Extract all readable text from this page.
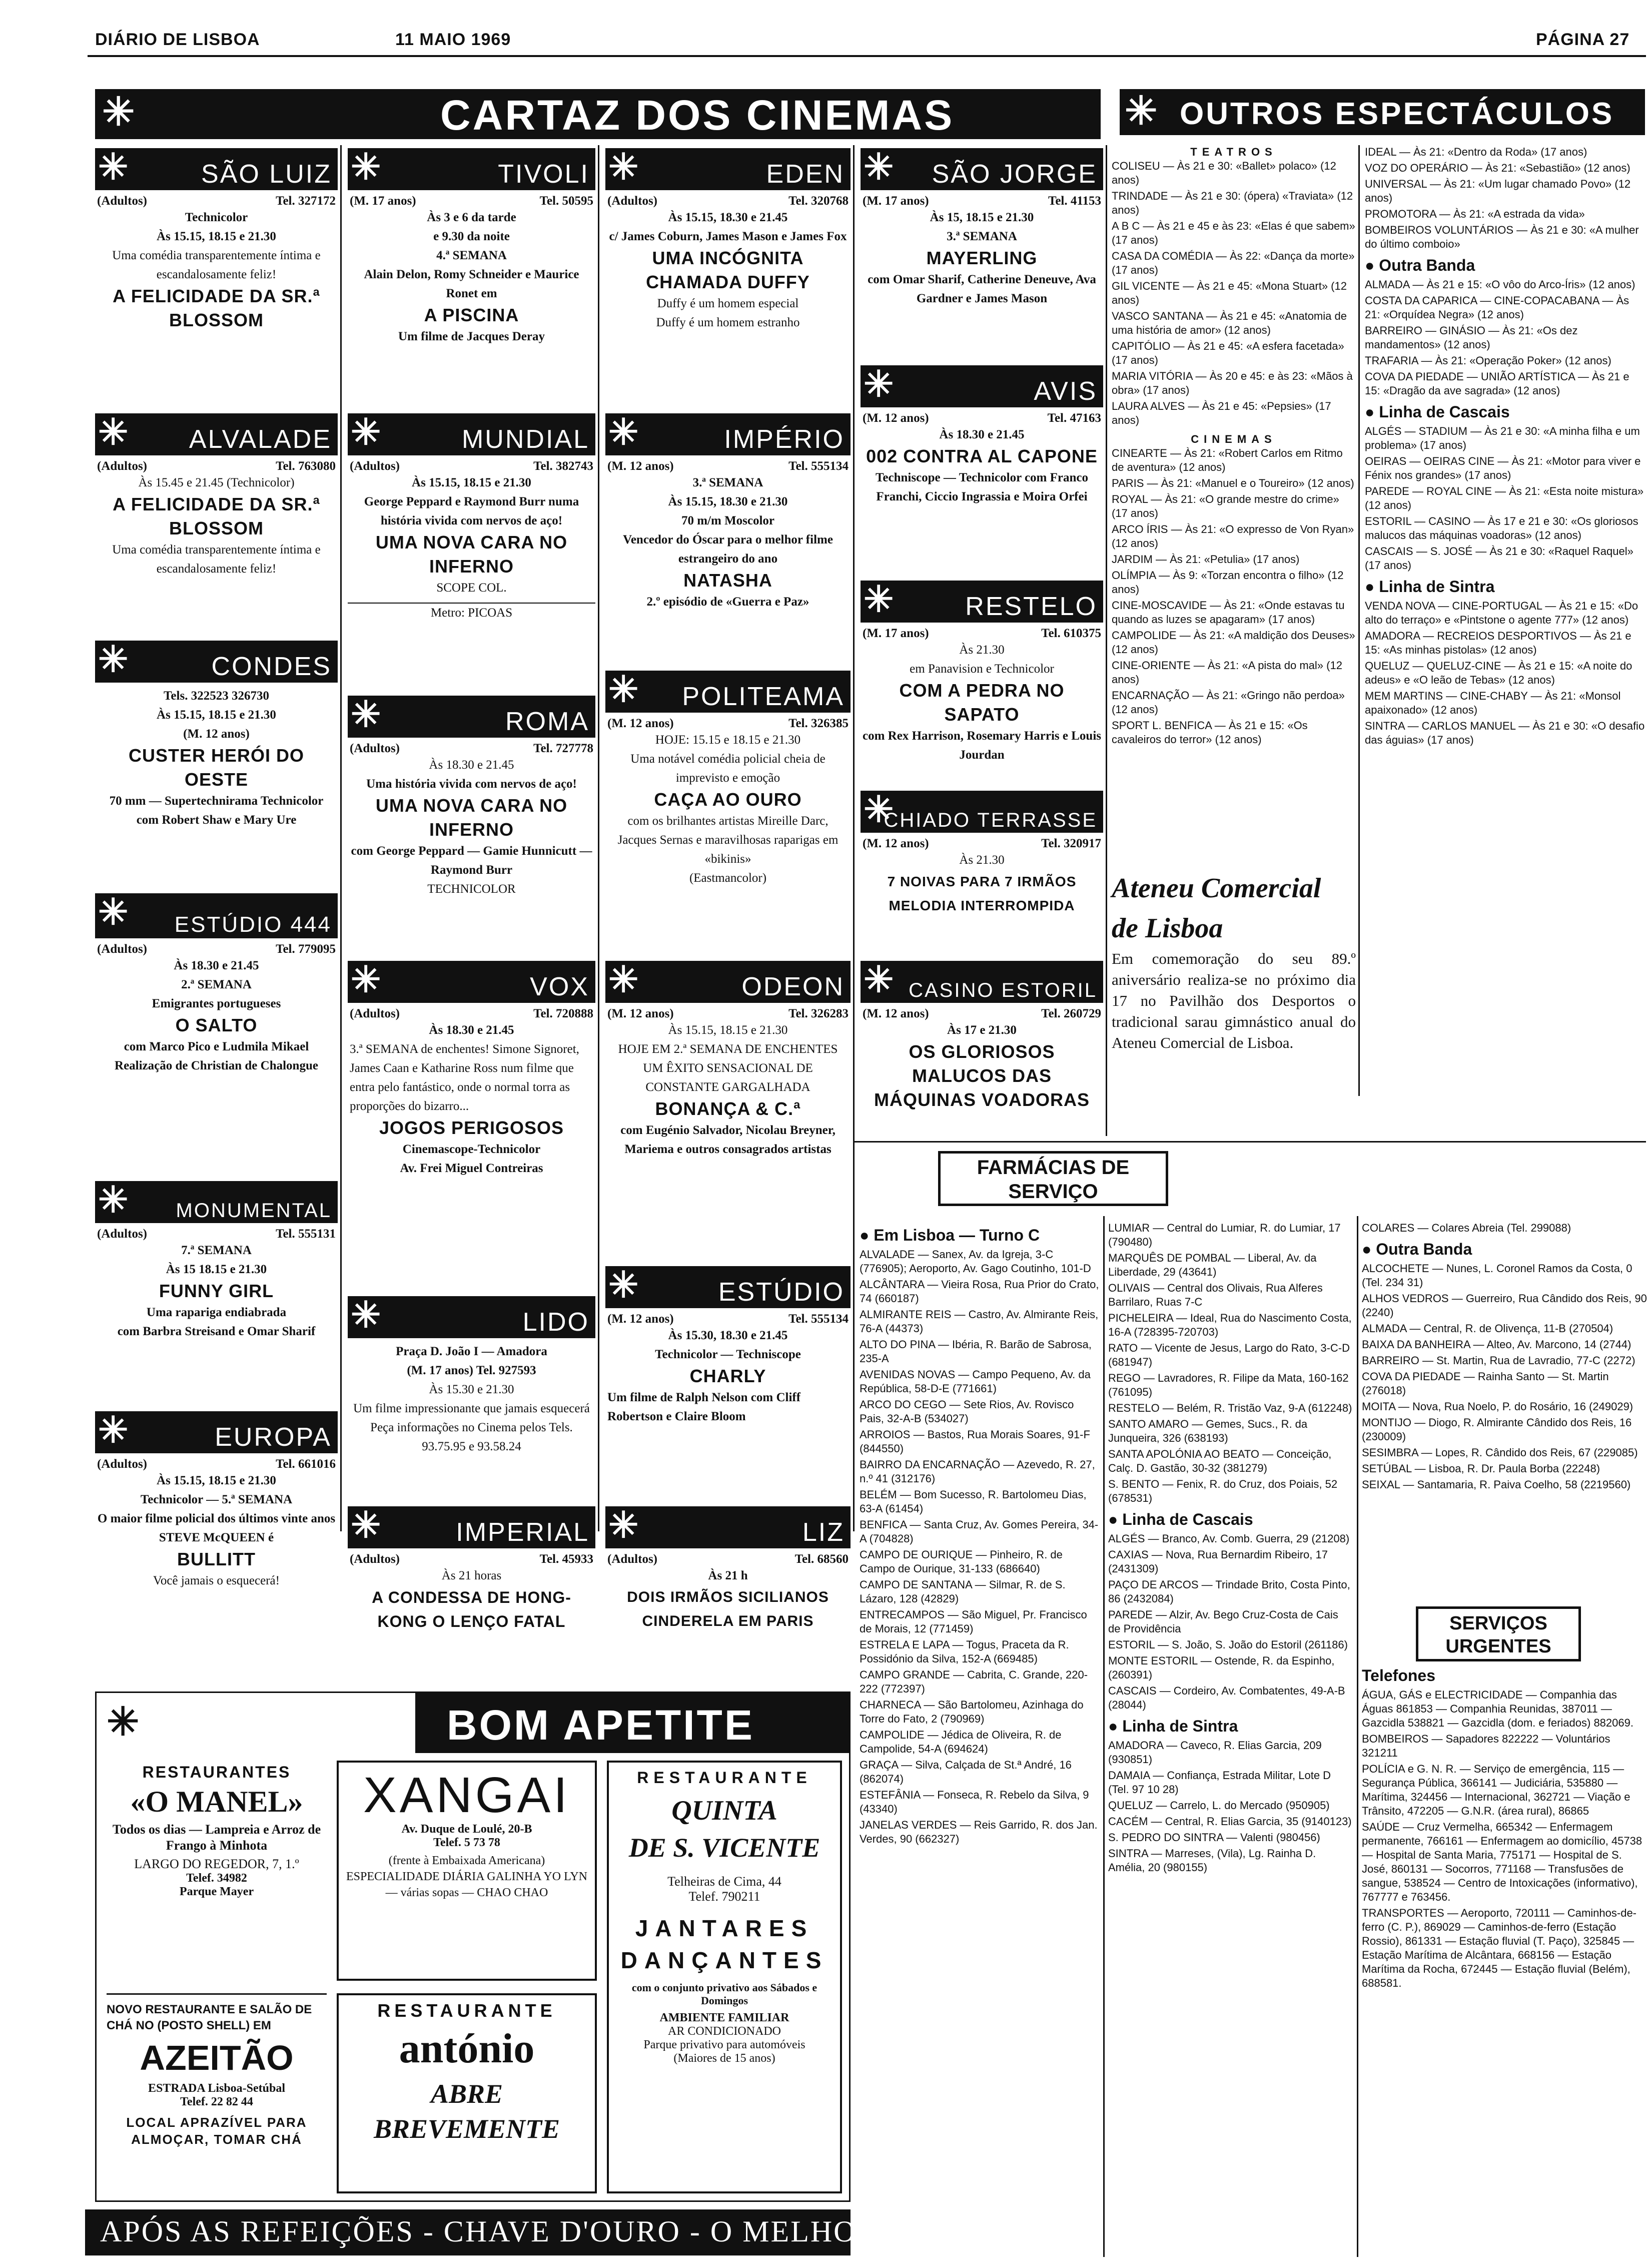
DIÁRIO DE LISBOA	11 MAIO 1969	PÁGINA 27
✳	CARTAZ DOS CINEMAS	✳ OUTROS ESPECTÁCULOS
✳	SÃO LUIZ
(Adultos)	Tel. 327172
Technicolor
Às 15.15, 18.15 e 21.30
Uma comédia transparentemente íntima e escandalosamente feliz!
A FELICIDADE DA SR.ª BLOSSOM
✳ ALVALADE
(Adultos)	Tel. 763080
Às 15.45 e 21.45 (Technicolor)
A FELICIDADE DA SR.ª BLOSSOM
Uma comédia transparentemente íntima e escandalosamente feliz!
✳	CONDES
Tels. 322523 326730
Às 15.15, 18.15 e 21.30
(M. 12 anos)
CUSTER HERÓI DO OESTE
70 mm — Supertechnirama Technicolor
com Robert Shaw e Mary Ure
✳ ESTÚDIO 444
(Adultos)	Tel. 779095
Às 18.30 e 21.45
2.ª SEMANA
Emigrantes portugueses
O SALTO
com Marco Pico e Ludmila Mikael
Realização de Christian de Chalongue
✳ MONUMENTAL
(Adultos)	Tel. 555131
7.ª SEMANA
Às 15 18.15 e 21.30
FUNNY GIRL
Uma rapariga endiabrada
com Barbra Streisand e Omar Sharif
✳	EUROPA
(Adultos)	Tel. 661016
Às 15.15, 18.15 e 21.30
Technicolor — 5.ª SEMANA
O maior filme policial dos últimos vinte anos
STEVE McQUEEN é
BULLITT
Você jamais o esquecerá!
✳	TIVOLI
(M. 17 anos)	Tel. 50595
Às 3 e 6 da tarde
e 9.30 da noite
4.ª SEMANA
Alain Delon, Romy Schneider e Maurice Ronet em
A PISCINA
Um filme de Jacques Deray
✳	MUNDIAL
(Adultos)	Tel. 382743
Às 15.15, 18.15 e 21.30
George Peppard e Raymond Burr numa história vivida com nervos de aço!
UMA NOVA CARA NO INFERNO
SCOPE COL.
Metro: PICOAS
✳	ROMA
(Adultos)	Tel. 727778
Às 18.30 e 21.45
Uma história vivida com nervos de aço!
UMA NOVA CARA NO INFERNO
com George Peppard — Gamie Hunnicutt — Raymond Burr
TECHNICOLOR
✳	VOX
(Adultos)	Tel. 720888
Às 18.30 e 21.45
3.ª SEMANA de enchentes! Simone Signoret, James Caan e Katharine Ross num filme que entra pelo fantástico, onde o normal torra as proporções do bizarro...
JOGOS PERIGOSOS
Cinemascope-Technicolor
Av. Frei Miguel Contreiras
✳	LIDO
Praça D. João I — Amadora
(M. 17 anos) Tel. 927593
Às 15.30 e 21.30
Um filme impressionante que jamais esquecerá
Peça informações no Cinema pelos Tels. 93.75.95 e 93.58.24
✳	IMPERIAL
(Adultos)	Tel. 45933
Às 21 horas
A CONDESSA DE HONG-KONG O LENÇO FATAL
✳	EDEN
(Adultos)	Tel. 320768
Às 15.15, 18.30 e 21.45
c/ James Coburn, James Mason e James Fox
UMA INCÓGNITA CHAMADA DUFFY
Duffy é um homem especial
Duffy é um homem estranho
✳	IMPÉRIO
(M. 12 anos)	Tel. 555134
3.ª SEMANA
Às 15.15, 18.30 e 21.30
70 m/m Moscolor
Vencedor do Óscar para o melhor filme estrangeiro do ano
NATASHA
2.º episódio de «Guerra e Paz»
✳ POLITEAMA
(M. 12 anos)	Tel. 326385
HOJE: 15.15 e 18.15 e 21.30
Uma notável comédia policial cheia de imprevisto e emoção
CAÇA AO OURO
com os brilhantes artistas Mireille Darc, Jacques Sernas e maravilhosas raparigas em «bikinis»
(Eastmancolor)
✳	ODEON
(M. 12 anos)	Tel. 326283
Às 15.15, 18.15 e 21.30
HOJE EM 2.ª SEMANA DE ENCHENTES
UM ÊXITO SENSACIONAL DE CONSTANTE GARGALHADA
BONANÇA & C.ª
com Eugénio Salvador, Nicolau Breyner, Mariema e outros consagrados artistas
✳	ESTÚDIO
(M. 12 anos)	Tel. 555134
Às 15.30, 18.30 e 21.45
Technicolor — Techniscope
CHARLY
Um filme de Ralph Nelson com Cliff Robertson e Claire Bloom
✳	LIZ
(Adultos)	Tel. 68560
Às 21 h
DOIS IRMÃOS SICILIANOS CINDERELA EM PARIS
✳ SÃO JORGE
(M. 17 anos)	Tel. 41153
Às 15, 18.15 e 21.30
3.ª SEMANA
MAYERLING
com Omar Sharif, Catherine Deneuve, Ava Gardner e James Mason
✳	AVIS
(M. 12 anos)	Tel. 47163
Às 18.30 e 21.45
002 CONTRA AL CAPONE
Techniscope — Technicolor com Franco Franchi, Ciccio Ingrassia e Moira Orfei
✳	RESTELO
(M. 17 anos)	Tel. 610375
Às 21.30
em Panavision e Technicolor
COM A PEDRA NO SAPATO
com Rex Harrison, Rosemary Harris e Louis Jourdan
✳
CHIADO TERRASSE
(M. 12 anos)	Tel. 320917
Às 21.30
7 NOIVAS PARA 7 IRMÃOS MELODIA INTERROMPIDA
✳ CASINO ESTORIL
(M. 12 anos)	Tel. 260729
Às 17 e 21.30
OS GLORIOSOS MALUCOS DAS MÁQUINAS VOADORAS
TEATROS
COLISEU — Às 21 e 30: «Ballet» polaco» (12 anos)
TRINDADE — Às 21 e 30: (ópera) «Traviata» (12 anos)
A B C — Às 21 e 45 e às 23: «Elas é que sabem» (17 anos)
CASA DA COMÉDIA — Às 22: «Dança da morte» (17 anos)
GIL VICENTE — Às 21 e 45: «Mona Stuart» (12 anos)
VASCO SANTANA — Às 21 e 45: «Anatomia de uma história de amor» (12 anos)
CAPITÓLIO — Às 21 e 45: «A esfera facetada» (17 anos)
MARIA VITÓRIA — Às 20 e 45: e às 23: «Mãos à obra» (17 anos)
LAURA ALVES — Às 21 e 45: «Pepsies» (17 anos)
CINEMAS
CINEARTE — Às 21: «Robert Carlos em Ritmo de aventura» (12 anos)
PARIS — Às 21: «Manuel e o Toureiro» (12 anos)
ROYAL — Às 21: «O grande mestre do crime» (17 anos)
ARCO ÍRIS — Às 21: «O expresso de Von Ryan» (12 anos)
JARDIM — Às 21: «Petulia» (17 anos)
OLÍMPIA — Às 9: «Torzan encontra o filho» (12 anos)
CINE-MOSCAVIDE — Às 21: «Onde estavas tu quando as luzes se apagaram» (17 anos)
CAMPOLIDE — Às 21: «A maldição dos Deuses» (12 anos)
CINE-ORIENTE — Às 21: «A pista do mal» (12 anos)
ENCARNAÇÃO — Às 21: «Gringo não perdoa» (12 anos)
SPORT L. BENFICA — Às 21 e 15: «Os cavaleiros do terror» (12 anos)
IDEAL — Às 21: «Dentro da Roda» (17 anos)
VOZ DO OPERÁRIO — Às 21: «Sebastião» (12 anos)
UNIVERSAL — Às 21: «Um lugar chamado Povo» (12 anos)
PROMOTORA — Às 21: «A estrada da vida»
BOMBEIROS VOLUNTÁRIOS — Às 21 e 30: «A mulher do último comboio»
● Outra Banda
ALMADA — Às 21 e 15: «O vôo do Arco-Íris» (12 anos)
COSTA DA CAPARICA — CINE-COPACABANA — Às 21: «Orquídea Negra» (12 anos)
BARREIRO — GINÁSIO — Às 21: «Os dez mandamentos» (12 anos)
TRAFARIA — Às 21: «Operação Poker» (12 anos)
COVA DA PIEDADE — UNIÃO ARTÍSTICA — Às 21 e 15: «Dragão da ave sagrada» (12 anos)
● Linha de Cascais
ALGÉS — STADIUM — Às 21 e 30: «A minha filha e um problema» (17 anos)
OEIRAS — OEIRAS CINE — Às 21: «Motor para viver e Fénix nos grandes» (17 anos)
PAREDE — ROYAL CINE — Às 21: «Esta noite mistura» (12 anos)
ESTORIL — CASINO — Às 17 e 21 e 30: «Os gloriosos malucos das máquinas voadoras» (12 anos)
CASCAIS — S. JOSÉ — Às 21 e 30: «Raquel Raquel» (17 anos)
● Linha de Sintra
VENDA NOVA — CINE-PORTUGAL — Às 21 e 15: «Do alto do terraço» e «Pintstone o agente 777» (12 anos)
AMADORA — RECREIOS DESPORTIVOS — Às 21 e 15: «As minhas pistolas» (12 anos)
QUELUZ — QUELUZ-CINE — Às 21 e 15: «A noite do adeus» e «O leão de Tebas» (12 anos)
MEM MARTINS — CINE-CHABY — Às 21: «Monsol apaixonado» (12 anos)
SINTRA — CARLOS MANUEL — Às 21 e 30: «O desafio das águias» (17 anos)
Ateneu Comercial
de Lisboa
Em comemoração do seu 89.º aniversário realiza-se no próximo dia 17 no Pavilhão dos Desportos o tradicional sarau gimnástico anual do Ateneu Comercial de Lisboa.
FARMÁCIAS DE SERVIÇO
● Em Lisboa — Turno C
ALVALADE — Sanex, Av. da Igreja, 3-C (776905); Aeroporto, Av. Gago Coutinho, 101-D
ALCÂNTARA — Vieira Rosa, Rua Prior do Crato, 74 (660187)
ALMIRANTE REIS — Castro, Av. Almirante Reis, 76-A (44373)
ALTO DO PINA — Ibéria, R. Barão de Sabrosa, 235-A
AVENIDAS NOVAS — Campo Pequeno, Av. da República, 58-D-E (771661)
ARCO DO CEGO — Sete Rios, Av. Rovisco Pais, 32-A-B (534027)
ARROIOS — Bastos, Rua Morais Soares, 91-F (844550)
BAIRRO DA ENCARNAÇÃO — Azevedo, R. 27, n.º 41 (312176)
BELÉM — Bom Sucesso, R. Bartolomeu Dias, 63-A (61454)
BENFICA — Santa Cruz, Av. Gomes Pereira, 34-A (704828)
CAMPO DE OURIQUE — Pinheiro, R. de Campo de Ourique, 31-133 (686640)
CAMPO DE SANTANA — Silmar, R. de S. Lázaro, 128 (42829)
ENTRECAMPOS — São Miguel, Pr. Francisco de Morais, 12 (771459)
ESTRELA E LAPA — Togus, Praceta da R. Possidónio da Silva, 152-A (669485)
CAMPO GRANDE — Cabrita, C. Grande, 220-222 (772397)
CHARNECA — São Bartolomeu, Azinhaga do Torre do Fato, 2 (790969)
CAMPOLIDE — Jédica de Oliveira, R. de Campolide, 54-A (694624)
GRAÇA — Silva, Calçada de St.ª André, 16 (862074)
ESTEFÂNIA — Fonseca, R. Rebelo da Silva, 9 (43340)
JANELAS VERDES — Reis Garrido, R. dos Jan. Verdes, 90 (662327)
LUMIAR — Central do Lumiar, R. do Lumiar, 17 (790480)
MARQUÊS DE POMBAL — Liberal, Av. da Liberdade, 29 (43641)
OLIVAIS — Central dos Olivais, Rua Alferes Barrilaro, Ruas 7-C
PICHELEIRA — Ideal, Rua do Nascimento Costa, 16-A (728395-720703)
RATO — Vicente de Jesus, Largo do Rato, 3-C-D (681947)
REGO — Lavradores, R. Filipe da Mata, 160-162 (761095)
RESTELO — Belém, R. Tristão Vaz, 9-A (612248)
SANTO AMARO — Gemes, Sucs., R. da Junqueira, 326 (638193)
SANTA APOLÓNIA AO BEATO — Conceição, Calç. D. Gastão, 30-32 (381279)
S. BENTO — Fenix, R. do Cruz, dos Poiais, 52 (678531)
● Linha de Cascais
ALGÉS — Branco, Av. Comb. Guerra, 29 (21208)
CAXIAS — Nova, Rua Bernardim Ribeiro, 17 (2431309)
PAÇO DE ARCOS — Trindade Brito, Costa Pinto, 86 (2432084)
PAREDE — Alzir, Av. Bego Cruz-Costa de Cais de Providência
ESTORIL — S. João, S. João do Estoril (261186)
MONTE ESTORIL — Ostende, R. da Espinho, (260391)
CASCAIS — Cordeiro, Av. Combatentes, 49-A-B (28044)
● Linha de Sintra
AMADORA — Caveco, R. Elias Garcia, 209 (930851)
DAMAIA — Confiança, Estrada Militar, Lote D (Tel. 97 10 28)
QUELUZ — Carrelo, L. do Mercado (950905)
CACÉM — Central, R. Elias Garcia, 35 (9140123)
S. PEDRO DO SINTRA — Valenti (980456)
SINTRA — Marreses, (Vila), Lg. Rainha D. Amélia, 20 (980155)
COLARES — Colares Abreia (Tel. 299088)
● Outra Banda
ALCOCHETE — Nunes, L. Coronel Ramos da Costa, 0 (Tel. 234 31)
ALHOS VEDROS — Guerreiro, Rua Cândido dos Reis, 90 (2240)
ALMADA — Central, R. de Olivença, 11-B (270504)
BAIXA DA BANHEIRA — Alteo, Av. Marcono, 14 (2744)
BARREIRO — St. Martin, Rua de Lavradio, 77-C (2272)
COVA DA PIEDADE — Rainha Santo — St. Martin (276018)
MOITA — Nova, Rua Noelo, P. do Rosário, 16 (249029)
MONTIJO — Diogo, R. Almirante Cândido dos Reis, 16 (230009)
SESIMBRA — Lopes, R. Cândido dos Reis, 67 (229085)
SETÚBAL — Lisboa, R. Dr. Paula Borba (22248)
SEIXAL — Santamaria, R. Paiva Coelho, 58 (2219560)
SERVIÇOS URGENTES
Telefones
ÁGUA, GÁS e ELECTRICIDADE — Companhia das Águas 861853 — Companhia Reunidas, 387011 — Gazcidla 538821 — Gazcidla (dom. e feriados) 882069.
BOMBEIROS — Sapadores 822222 — Voluntários 321211
POLÍCIA e G. N. R. — Serviço de emergência, 115 — Segurança Pública, 366141 — Judiciária, 535880 — Marítima, 324456 — Internacional, 362721 — Viação e Trânsito, 472205 — G.N.R. (área rural), 86865
SAÚDE — Cruz Vermelha, 665342 — Enfermagem permanente, 766161 — Enfermagem ao domicílio, 45738 — Hospital de Santa Maria, 775171 — Hospital de S. José, 860131 — Socorros, 771168 — Transfusões de sangue, 538524 — Centro de Intoxicações (informativo), 767777 e 763456.
TRANSPORTES — Aeroporto, 720111 — Caminhos-de-ferro (C. P.), 869029 — Caminhos-de-ferro (Estação Rossio), 861331 — Estação fluvial (T. Paço), 325845 — Estação Marítima de Alcântara, 668156 — Estação Marítima da Rocha, 672445 — Estação fluvial (Belém), 688581.
✳	BOM APETITE
RESTAURANTES
«O MANEL»
Todos os dias — Lampreia e Arroz de Frango à Minhota
LARGO DO REGEDOR, 7, 1.º
Telef. 34982
Parque Mayer
NOVO RESTAURANTE E SALÃO DE CHÁ NO (POSTO SHELL) EM
AZEITÃO
ESTRADA Lisboa-Setúbal
Telef. 22 82 44
LOCAL APRAZÍVEL PARA ALMOÇAR, TOMAR CHÁ
XANGAI
Av. Duque de Loulé, 20-B
Telef. 5 73 78
(frente à Embaixada Americana) ESPECIALIDADE DIÁRIA GALINHA YO LYN — várias sopas — CHAO CHAO
RESTAURANTE
antónio
ABRE
BREVEMENTE
RESTAURANTE
QUINTA
DE S. VICENTE
Telheiras de Cima, 44
Telef. 790211
JANTARES DANÇANTES
com o conjunto privativo aos Sábados e Domingos
AMBIENTE FAMILIAR
AR CONDICIONADO
Parque privativo para automóveis
(Maiores de 15 anos)
APÓS AS REFEIÇÕES - CHAVE D'OURO - O MELHOR CAFÉ
